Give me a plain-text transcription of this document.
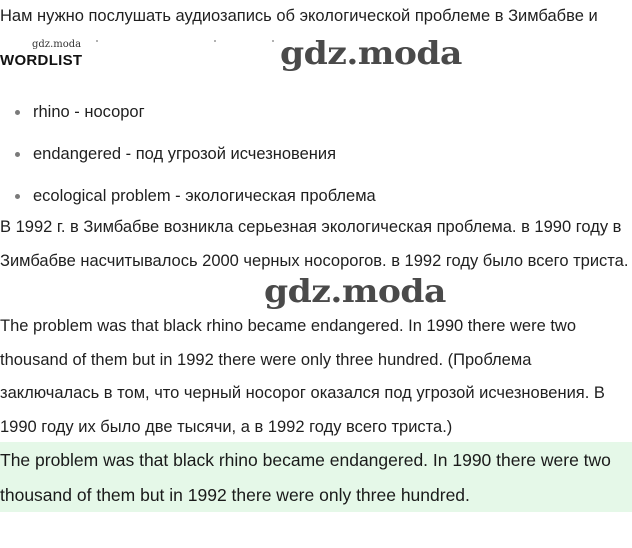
Нам нужно послушать аудиозапись об экологической проблеме в Зимбабве и
gdz.moda
WORDLIST	gdz.moda
rhino - носорог
endangered - под угрозой исчезновения
ecological problem - экологическая проблема

В 1992 г. в Зимбабве возникла серьезная экологическая проблема. в 1990 году в Зимбабве насчитывалось 2000 черных носорогов. в 1992 году было всего триста.

gdz.moda

The problem was that black rhino became endangered. In 1990 there were two thousand of them but in 1992 there were only three hundred. (Проблема заключалась в том, что черный носорог оказался под угрозой исчезновения. В 1990 году их было две тысячи, а в 1992 году всего триста.)

The problem was that black rhino became endangered. In 1990 there were two thousand of them but in 1992 there were only three hundred.
